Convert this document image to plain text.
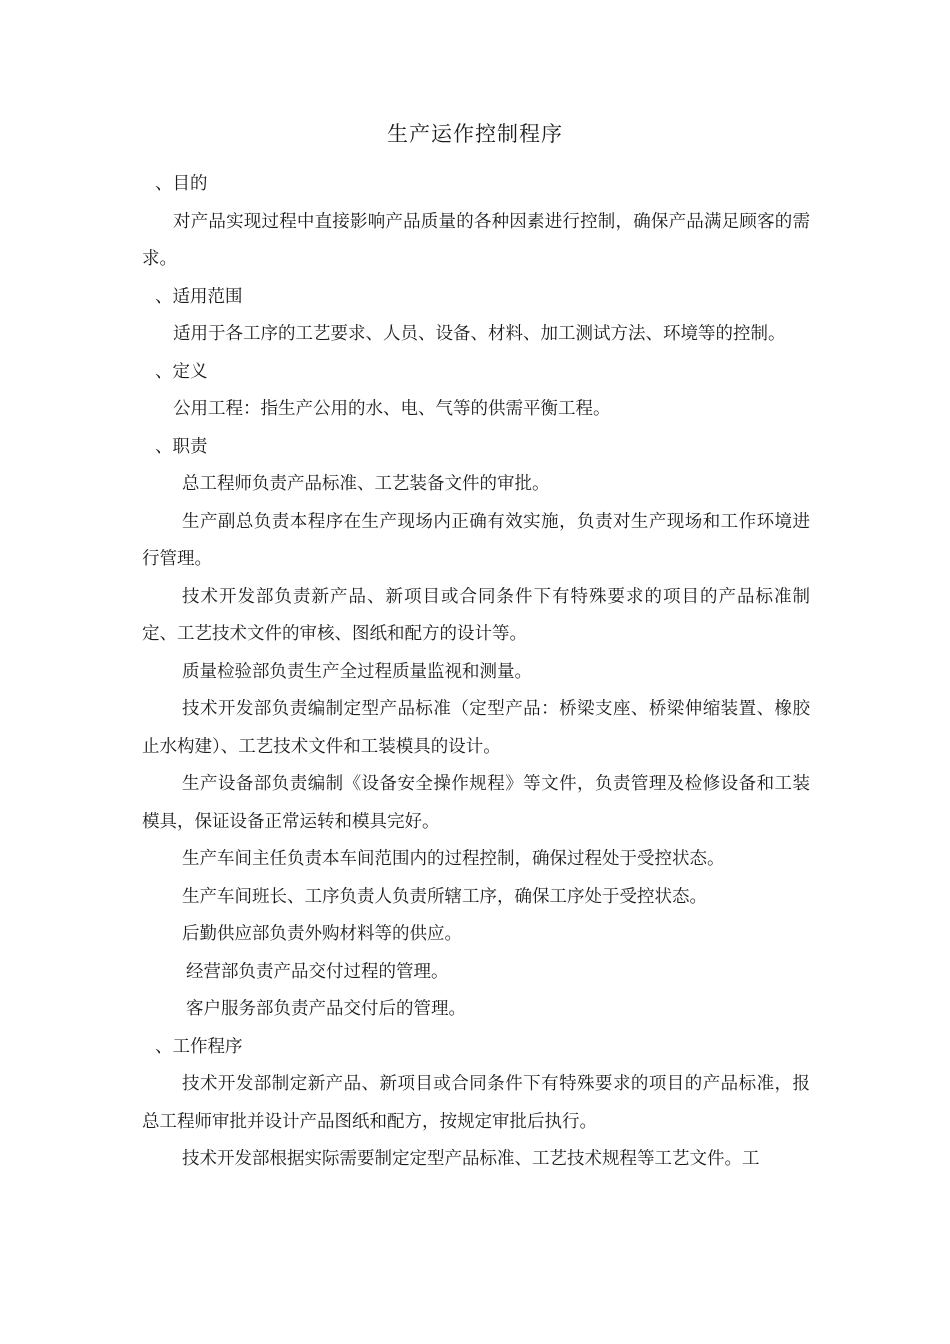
生产运作控制程序

、目的

对产品实现过程中直接影响产品质量的各种因素进行控制，确保产品满足顾客的需求。

、适用范围

适用于各工序的工艺要求、人员、设备、材料、加工测试方法、环境等的控制。

、定义

公用工程：指生产公用的水、电、气等的供需平衡工程。

、职责

总工程师负责产品标准、工艺装备文件的审批。

生产副总负责本程序在生产现场内正确有效实施，负责对生产现场和工作环境进行管理。

技术开发部负责新产品、新项目或合同条件下有特殊要求的项目的产品标准制定、工艺技术文件的审核、图纸和配方的设计等。

质量检验部负责生产全过程质量监视和测量。

技术开发部负责编制定型产品标准（定型产品：桥梁支座、桥梁伸缩装置、橡胶止水构建）、工艺技术文件和工装模具的设计。

生产设备部负责编制《设备安全操作规程》等文件，负责管理及检修设备和工装模具，保证设备正常运转和模具完好。

生产车间主任负责本车间范围内的过程控制，确保过程处于受控状态。

生产车间班长、工序负责人负责所辖工序，确保工序处于受控状态。

后勤供应部负责外购材料等的供应。

经营部负责产品交付过程的管理。

客户服务部负责产品交付后的管理。

、工作程序

技术开发部制定新产品、新项目或合同条件下有特殊要求的项目的产品标准，报总工程师审批并设计产品图纸和配方，按规定审批后执行。

技术开发部根据实际需要制定定型产品标准、工艺技术规程等工艺文件。工
